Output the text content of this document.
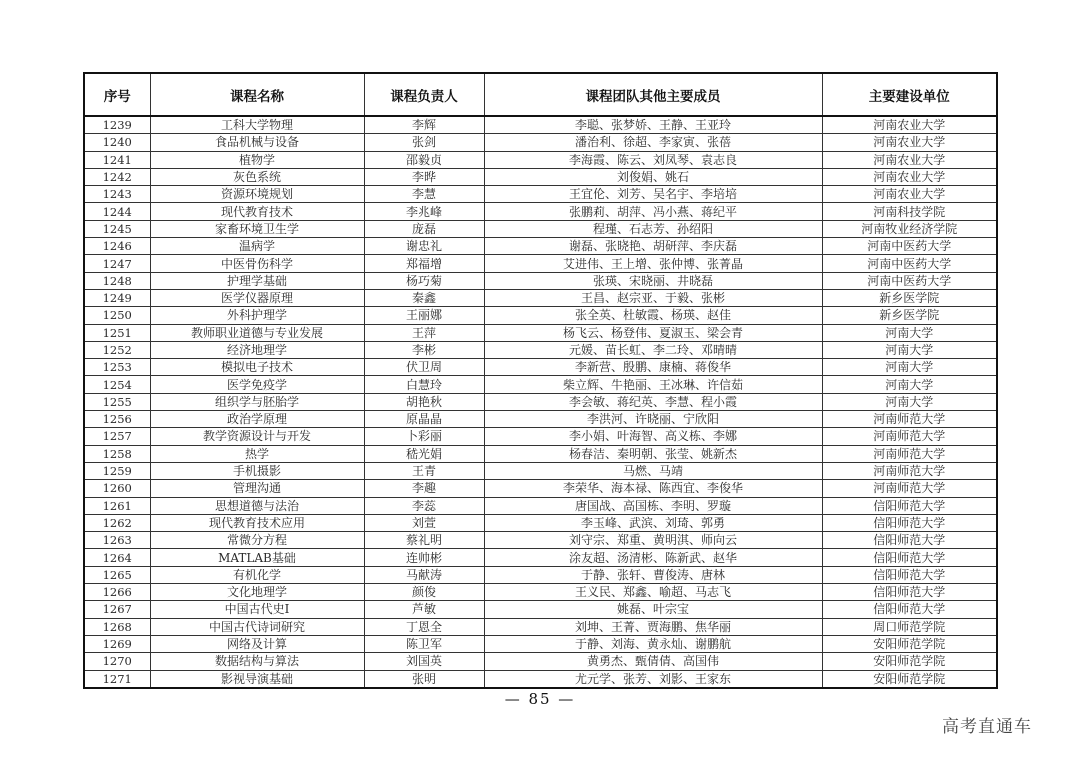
序号	课程名称	课程负责人	课程团队其他主要成员	主要建设单位
1239	工科大学物理	李辉	李聪、张梦娇、王静、王亚玲	河南农业大学
1240	食品机械与设备	张剑	潘治利、徐超、李家寅、张蓓	河南农业大学
1241	植物学	邵毅贞	李海霞、陈云、刘凤琴、袁志良	河南农业大学
1242	灰色系统	李晔	刘俊娟、姚石	河南农业大学
1243	资源环境规划	李慧	王宜伦、刘芳、吴名宇、李培培	河南农业大学
1244	现代教育技术	李兆峰	张鹏莉、胡萍、冯小燕、蒋纪平	河南科技学院
1245	家畜环境卫生学	庞磊	程瑾、石志芳、孙绍阳	河南牧业经济学院
1246	温病学	谢忠礼	谢磊、张晓艳、胡研萍、李庆磊	河南中医药大学
1247	中医骨伤科学	郑福增	艾进伟、王上增、张仲博、张菁晶	河南中医药大学
1248	护理学基础	杨巧菊	张瑛、宋晓丽、井晓磊	河南中医药大学
1249	医学仪器原理	秦鑫	王昌、赵宗亚、于毅、张彬	新乡医学院
1250	外科护理学	王丽娜	张全英、杜敏霞、杨瑛、赵佳	新乡医学院
1251	教师职业道德与专业发展	王萍	杨飞云、杨登伟、夏淑玉、梁会青	河南大学
1252	经济地理学	李彬	元媛、苗长虹、李二玲、邓晴晴	河南大学
1253	模拟电子技术	伏卫周	李新营、殷鹏、康楠、蒋俊华	河南大学
1254	医学免疫学	白慧玲	柴立辉、牛艳丽、王冰琳、许信茹	河南大学
1255	组织学与胚胎学	胡艳秋	李会敏、蒋纪英、李慧、程小霞	河南大学
1256	政治学原理	原晶晶	李洪河、许晓丽、宁欣阳	河南师范大学
1257	教学资源设计与开发	卜彩丽	李小娟、叶海智、高义栋、李娜	河南师范大学
1258	热学	嵇光娟	杨春洁、秦明朝、张莹、姚新杰	河南师范大学
1259	手机摄影	王青	马燃、马靖	河南师范大学
1260	管理沟通	李趣	李荣华、海本禄、陈西宜、李俊华	河南师范大学
1261	思想道德与法治	李蕊	唐国战、高国栋、李明、罗璇	信阳师范大学
1262	现代教育技术应用	刘萱	李玉峰、武滨、刘琦、郭勇	信阳师范大学
1263	常微分方程	蔡礼明	刘守宗、郑重、黄明淇、师向云	信阳师范大学
1264	MATLAB基础	连帅彬	涂友超、汤清彬、陈新武、赵华	信阳师范大学
1265	有机化学	马献涛	于静、张轩、曹俊涛、唐林	信阳师范大学
1266	文化地理学	颜俊	王义民、郑鑫、喻超、马志飞	信阳师范大学
1267	中国古代史I	芦敏	姚磊、叶宗宝	信阳师范大学
1268	中国古代诗词研究	丁恩全	刘坤、王菁、贾海鹏、焦华丽	周口师范学院
1269	网络及计算	陈卫军	于静、刘海、黄永灿、谢鹏航	安阳师范学院
1270	数据结构与算法	刘国英	黄勇杰、甄倩倩、高国伟	安阳师范学院
1271	影视导演基础	张明	尤元学、张芳、刘影、王家东	安阳师范学院
— 85 —
高考直通车
